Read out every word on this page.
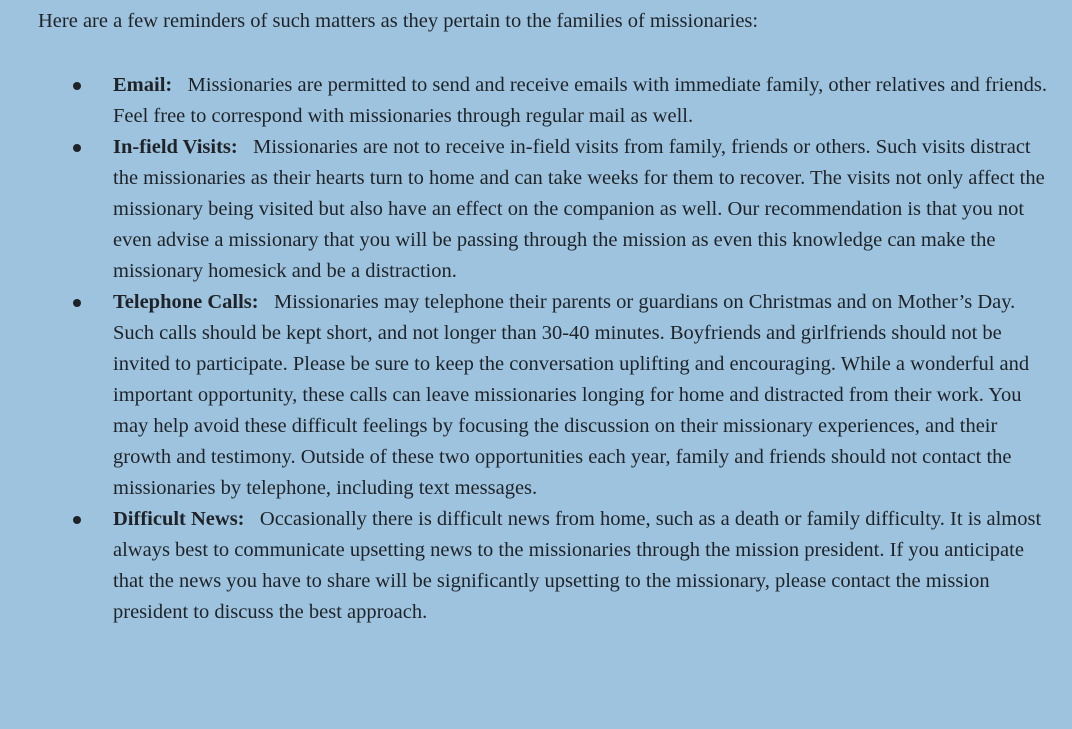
Here are a few reminders of such matters as they pertain to the families of missionaries:

Email:   Missionaries are permitted to send and receive emails with immediate family, other relatives and friends. Feel free to correspond with missionaries through regular mail as well.
In-field Visits:   Missionaries are not to receive in-field visits from family, friends or others. Such visits distract the missionaries as their hearts turn to home and can take weeks for them to recover. The visits not only affect the missionary being visited but also have an effect on the companion as well. Our recommendation is that you not even advise a missionary that you will be passing through the mission as even this knowledge can make the missionary homesick and be a distraction.
Telephone Calls:   Missionaries may telephone their parents or guardians on Christmas and on Mother’s Day. Such calls should be kept short, and not longer than 30-40 minutes. Boyfriends and girlfriends should not be invited to participate. Please be sure to keep the conversation uplifting and encouraging. While a wonderful and important opportunity, these calls can leave missionaries longing for home and distracted from their work. You may help avoid these difficult feelings by focusing the discussion on their missionary experiences, and their growth and testimony. Outside of these two opportunities each year, family and friends should not contact the missionaries by telephone, including text messages.
Difficult News:   Occasionally there is difficult news from home, such as a death or family difficulty. It is almost always best to communicate upsetting news to the missionaries through the mission president. If you anticipate that the news you have to share will be significantly upsetting to the missionary, please contact the mission president to discuss the best approach.
